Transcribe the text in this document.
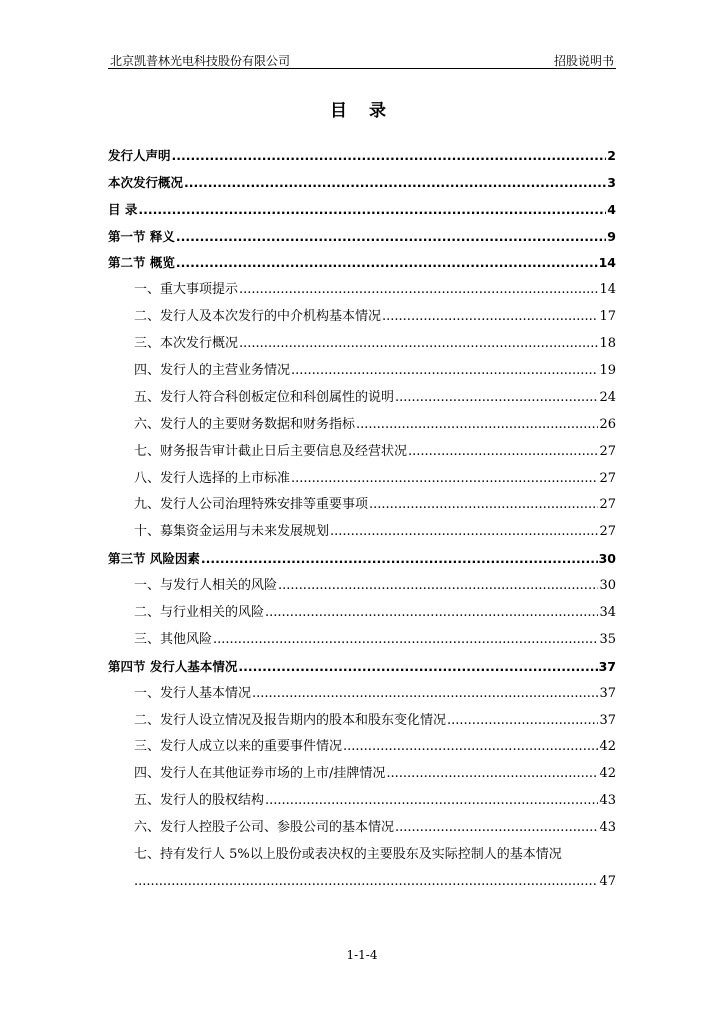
北京凯普林光电科技股份有限公司	招股说明书
目 录
发行人声明 .....	2
本次发行概况 .....	3
目 录 .....	4
第一节 释义 .....	9
第二节 概览 .....	14
一、重大事项提示 .....	14
二、发行人及本次发行的中介机构基本情况 .....	17
三、本次发行概况 .....	18
四、发行人的主营业务情况 .....	19
五、发行人符合科创板定位和科创属性的说明 .....	24
六、发行人的主要财务数据和财务指标 .....	26
七、财务报告审计截止日后主要信息及经营状况 .....	27
八、发行人选择的上市标准 .....	27
九、发行人公司治理特殊安排等重要事项 .....	27
十、募集资金运用与未来发展规划 .....	27
第三节 风险因素 .....	30
一、与发行人相关的风险 .....	30
二、与行业相关的风险 .....	34
三、其他风险 .....	35
第四节 发行人基本情况 .....	37
一、发行人基本情况 .....	37
二、发行人设立情况及报告期内的股本和股东变化情况 .....	37
三、发行人成立以来的重要事件情况 .....	42
四、发行人在其他证券市场的上市/挂牌情况 .....	42
五、发行人的股权结构 .....	43
六、发行人控股子公司、参股公司的基本情况 .....	43
七、持有发行人 5%以上股份或表决权的主要股东及实际控制人的基本情况
.....
47
1-1-4
